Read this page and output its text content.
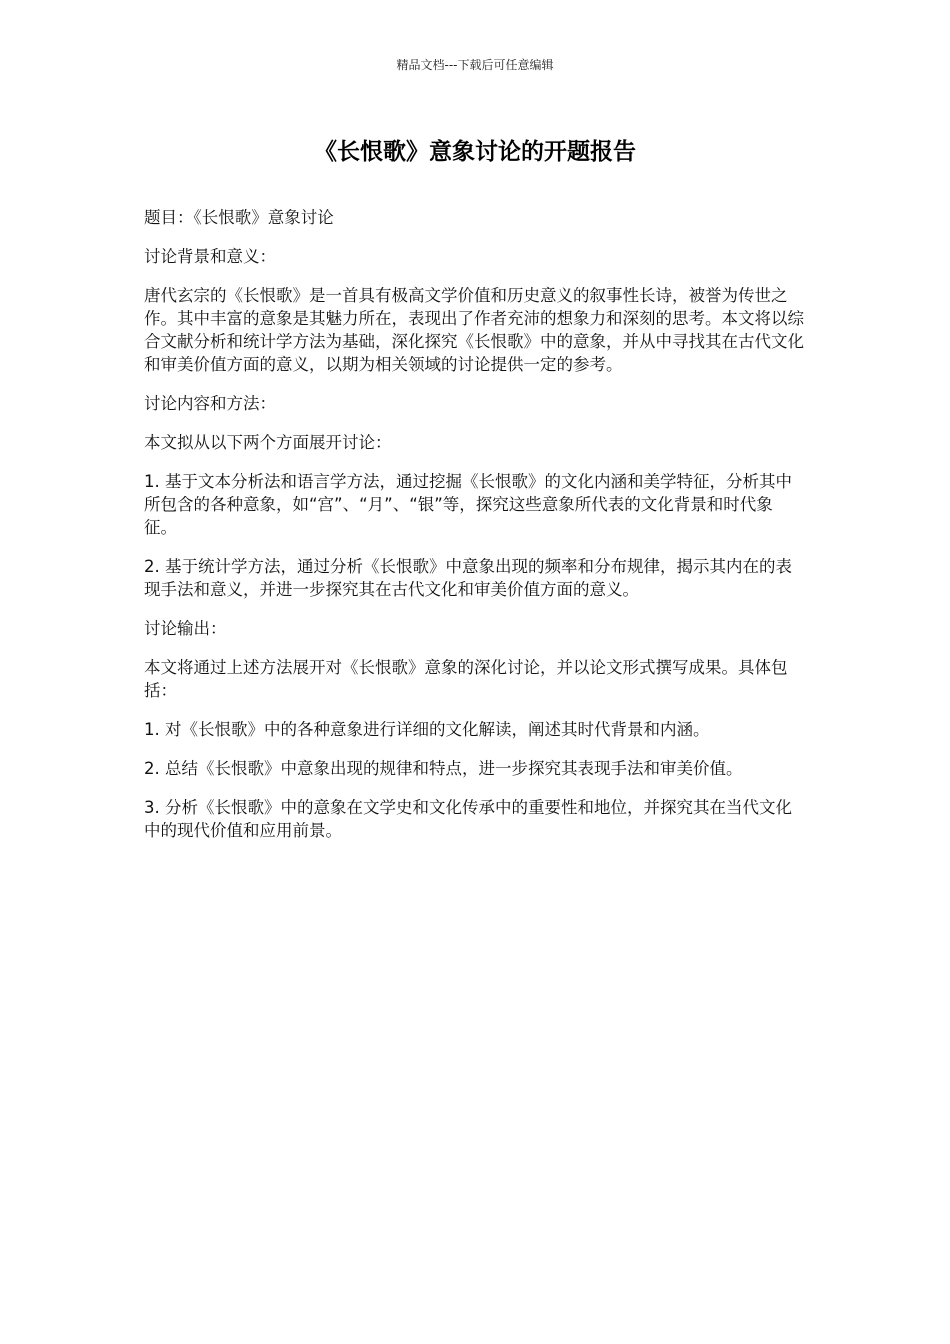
精品文档---下载后可任意编辑
《长恨歌》意象讨论的开题报告

题目：《长恨歌》意象讨论

讨论背景和意义：

唐代玄宗的《长恨歌》是一首具有极高文学价值和历史意义的叙事性长诗，被誉为传世之作。其中丰富的意象是其魅力所在，表现出了作者充沛的想象力和深刻的思考。本文将以综合文献分析和统计学方法为基础，深化探究《长恨歌》中的意象，并从中寻找其在古代文化和审美价值方面的意义，以期为相关领域的讨论提供一定的参考。

讨论内容和方法：

本文拟从以下两个方面展开讨论：

1. 基于文本分析法和语言学方法，通过挖掘《长恨歌》的文化内涵和美学特征，分析其中所包含的各种意象，如“宫”、“月”、“银”等，探究这些意象所代表的文化背景和时代象征。

2. 基于统计学方法，通过分析《长恨歌》中意象出现的频率和分布规律，揭示其内在的表现手法和意义，并进一步探究其在古代文化和审美价值方面的意义。

讨论输出：

本文将通过上述方法展开对《长恨歌》意象的深化讨论，并以论文形式撰写成果。具体包括：

1. 对《长恨歌》中的各种意象进行详细的文化解读，阐述其时代背景和内涵。

2. 总结《长恨歌》中意象出现的规律和特点，进一步探究其表现手法和审美价值。

3. 分析《长恨歌》中的意象在文学史和文化传承中的重要性和地位，并探究其在当代文化中的现代价值和应用前景。
